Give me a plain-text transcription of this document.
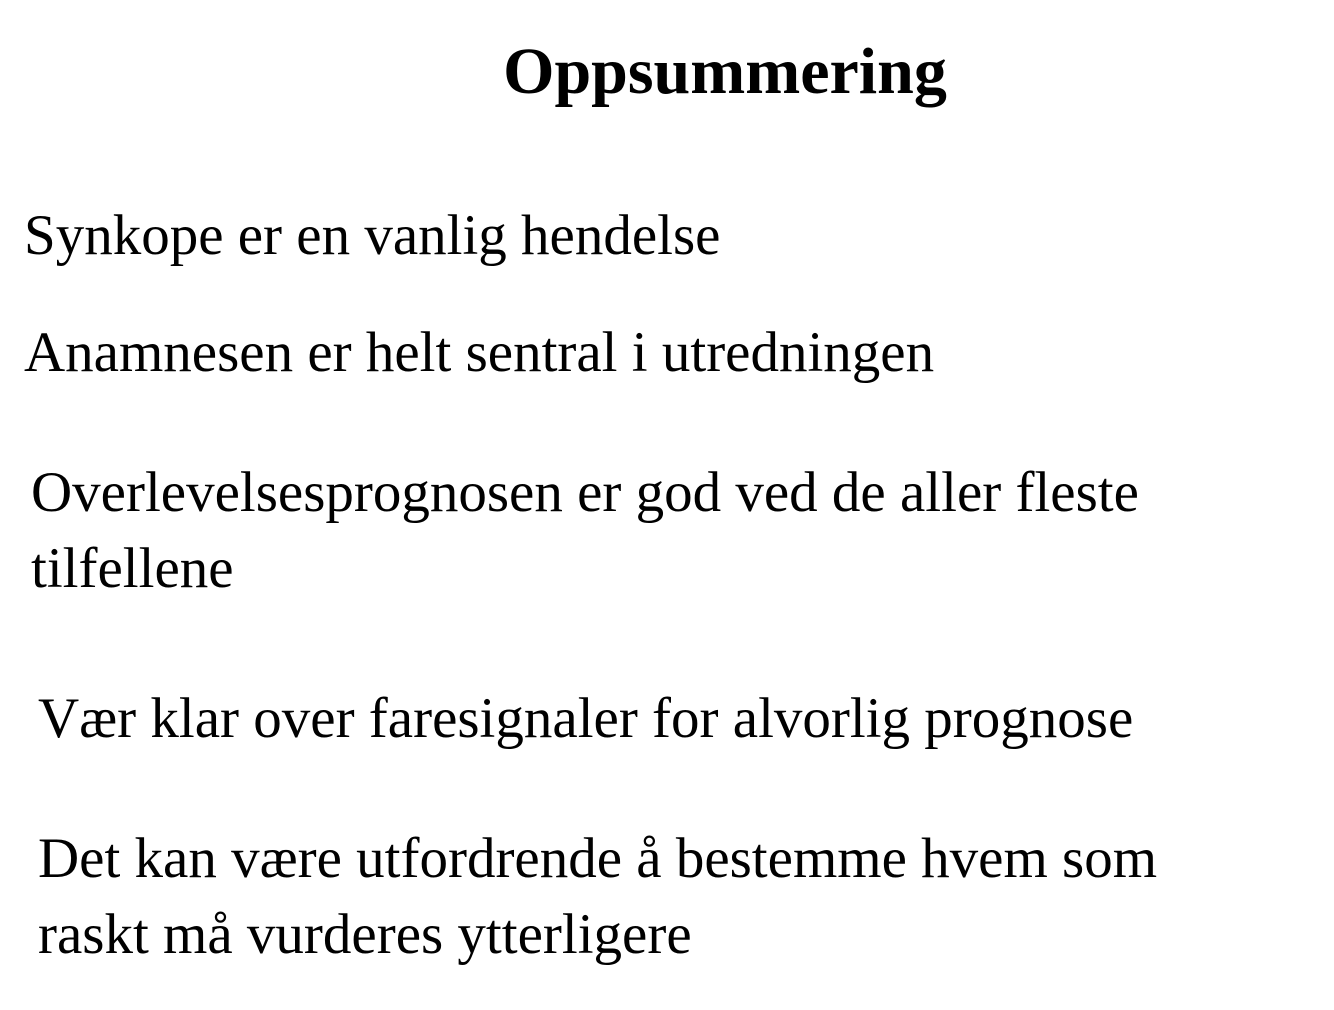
Oppsummering

Synkope er en vanlig hendelse

Anamnesen er helt sentral i utredningen

Overlevelsesprognosen er god ved de aller fleste

tilfellene

Vær klar over faresignaler for alvorlig prognose

Det kan være utfordrende å bestemme hvem som

raskt må vurderes ytterligere
